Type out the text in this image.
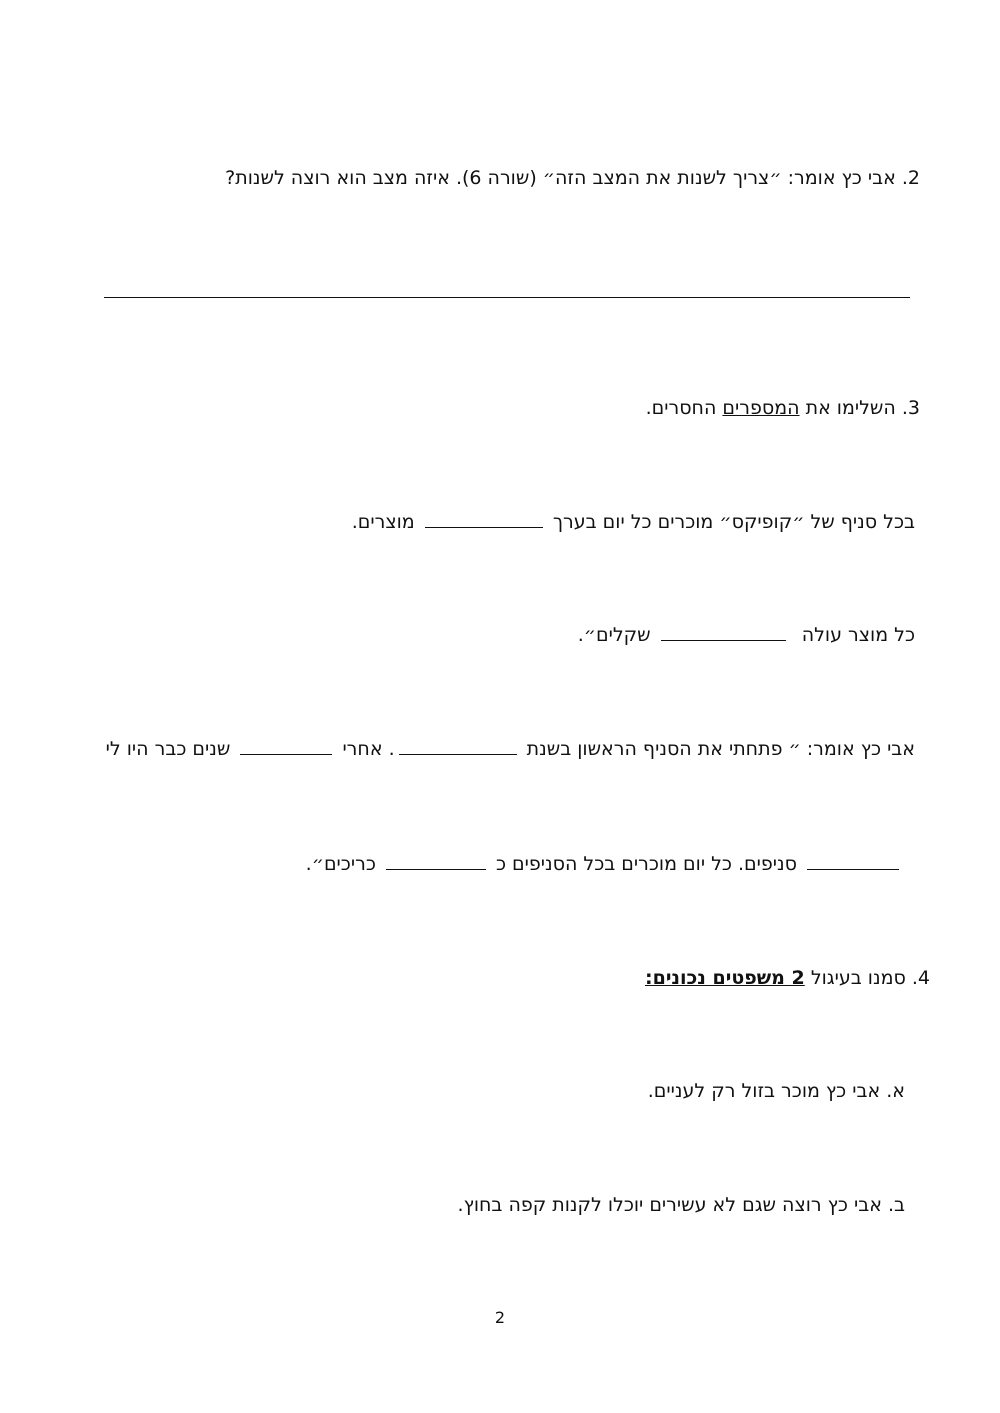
2. אבי כץ אומר: ״צריך לשנות את המצב הזה״ (שורה 6). איזה מצב הוא רוצה לשנות?
3. השלימו את המספרים החסרים.
בכל סניף של ״קופיקס״ מוכרים כל יום בערך  מוצרים.
כל מוצר עולה  שקלים״.
אבי כץ אומר: ״ פתחתי את הסניף הראשון בשנת . אחרי  שנים כבר היו לי
סניפים. כל יום מוכרים בכל הסניפים כ  כריכים״.
4. סמנו בעיגול 2 משפטים נכונים:
א. אבי כץ מוכר בזול רק לעניים.
ב. אבי כץ רוצה שגם לא עשירים יוכלו לקנות קפה בחוץ.
2
